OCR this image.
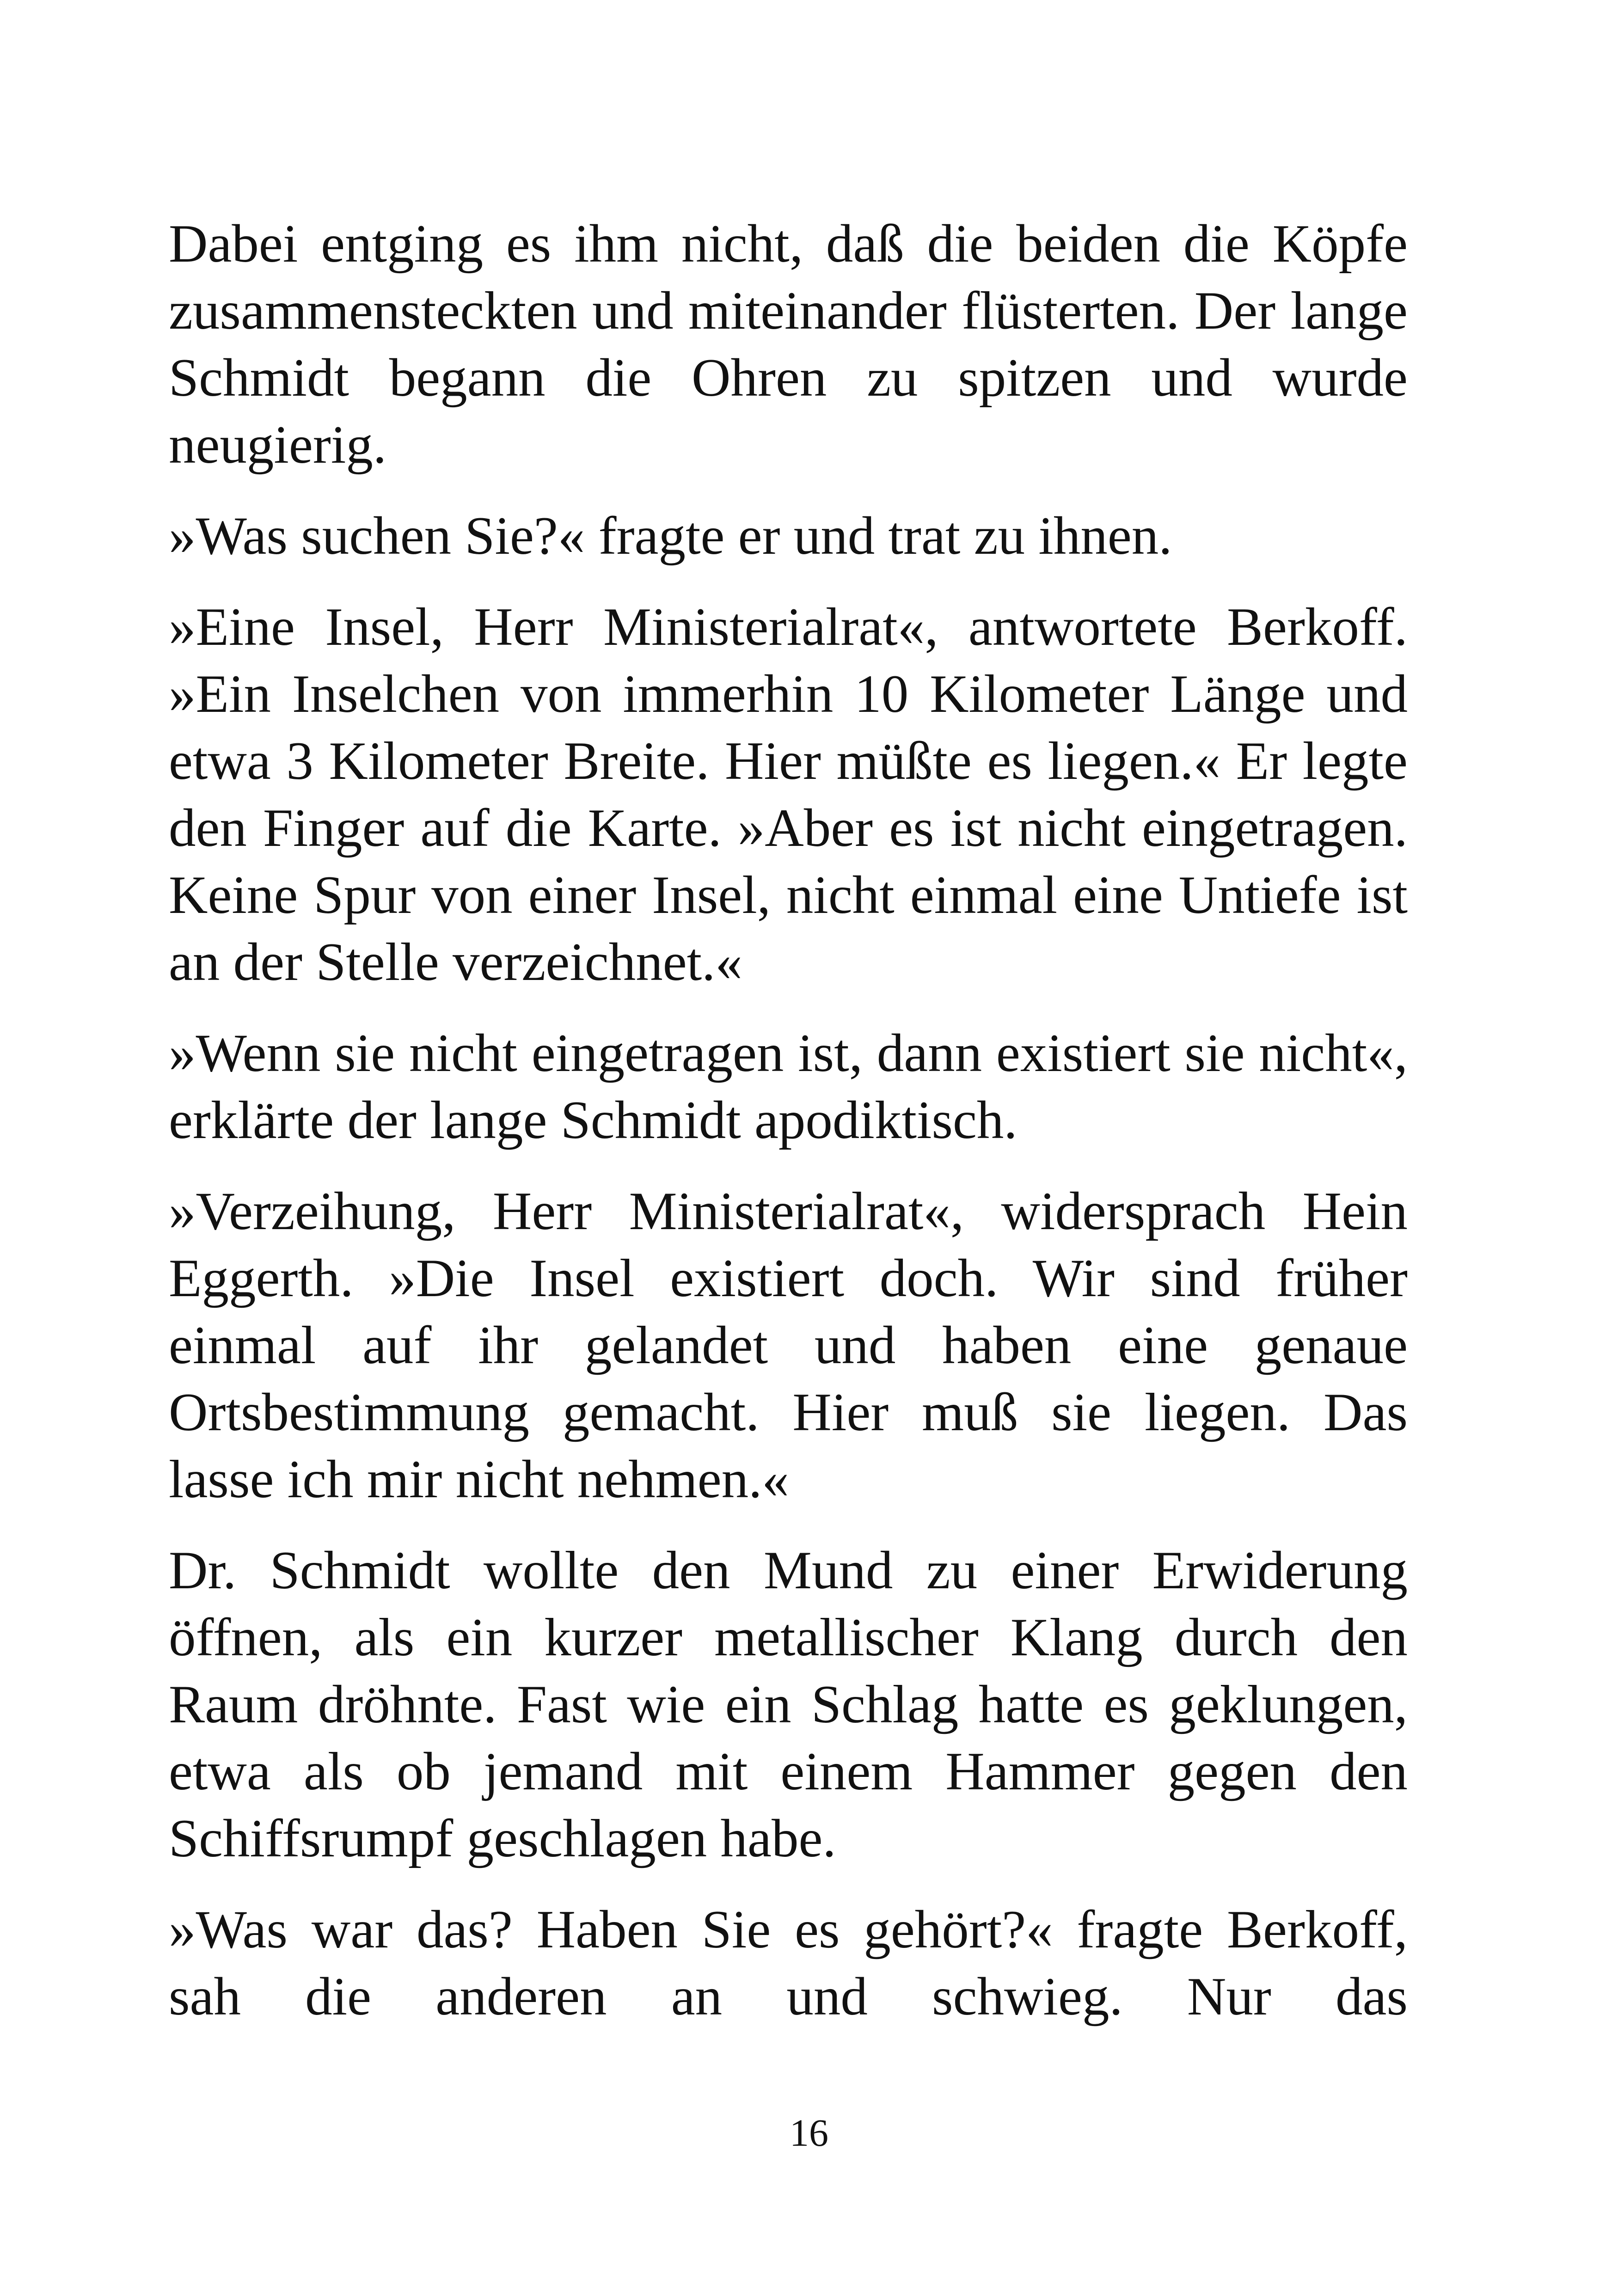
Dabei entging es ihm nicht, daß die beiden die Köpfe zusammensteckten und miteinander flüsterten. Der lange Schmidt begann die Ohren zu spitzen und wurde neugierig.

»Was suchen Sie?« fragte er und trat zu ihnen.

»Eine Insel, Herr Ministerialrat«, antwortete Berkoff. »Ein Inselchen von immerhin 10 Kilometer Länge und etwa 3 Kilometer Breite. Hier müßte es liegen.« Er legte den Finger auf die Karte. »Aber es ist nicht eingetragen. Keine Spur von einer Insel, nicht einmal eine Untiefe ist an der Stelle verzeichnet.«

»Wenn sie nicht eingetragen ist, dann existiert sie nicht«, erklärte der lange Schmidt apodiktisch.

»Verzeihung, Herr Ministerialrat«, widersprach Hein Eggerth. »Die Insel existiert doch. Wir sind früher einmal auf ihr gelandet und haben eine genaue Ortsbestimmung gemacht. Hier muß sie liegen. Das lasse ich mir nicht nehmen.«

Dr. Schmidt wollte den Mund zu einer Erwiderung öffnen, als ein kurzer metallischer Klang durch den Raum dröhnte. Fast wie ein Schlag hatte es geklungen, etwa als ob jemand mit einem Hammer gegen den Schiffsrumpf geschlagen habe.

»Was war das? Haben Sie es gehört?« fragte Berkoff, sah die anderen an und schwieg. Nur das

16
